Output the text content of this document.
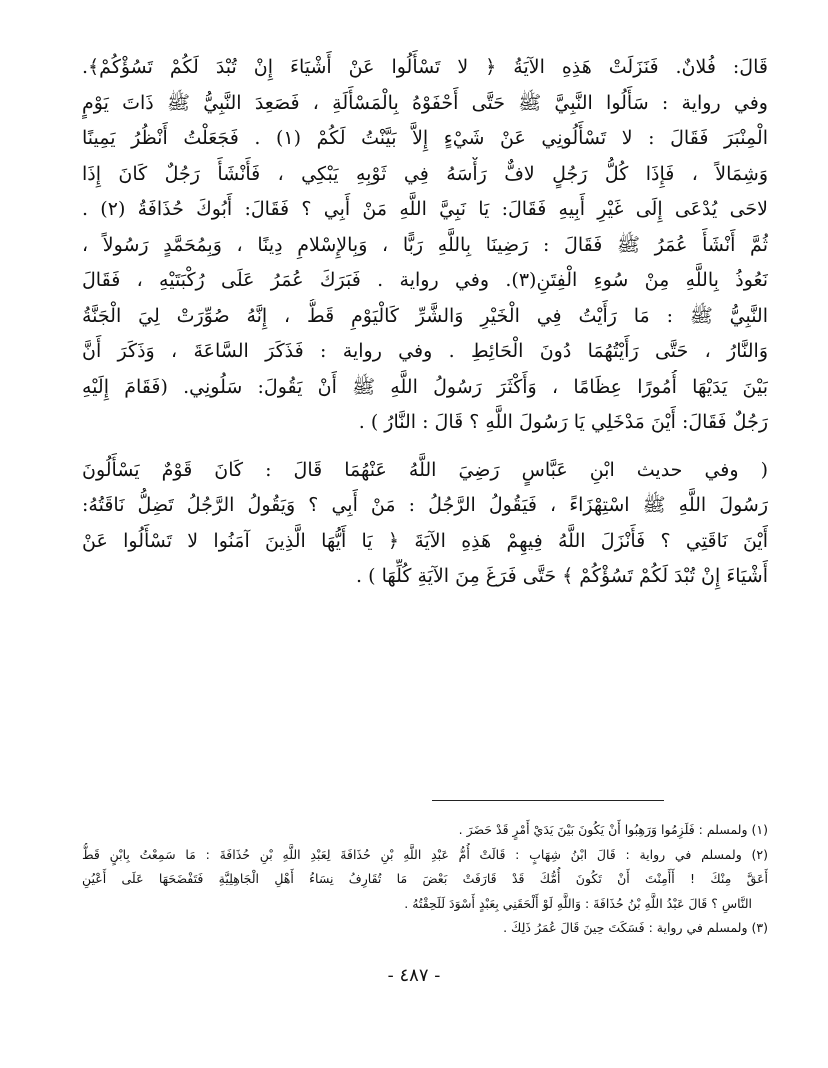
قَالَ: فُلانٌ. فَنَزَلَتْ هَذِهِ الآيَةُ ﴿ لا تَسْأَلُوا عَنْ أَشْيَاءَ إِنْ تُبْدَ لَكُمْ تَسُؤْكُمْ﴾.
وفي رواية : سَأَلُوا النَّبِيَّ ﷺ حَتَّى أَحْفَوْهُ بِالْمَسْأَلَةِ ، فَصَعِدَ النَّبِيُّ ﷺ ذَاتَ يَوْمٍ
الْمِنْبَرَ فَقَالَ : لا تَسْأَلُونِي عَنْ شَيْءٍ إِلاَّ بَيَّنْتُ لَكُمْ (١) . فَجَعَلْتُ أَنْظُرُ يَمِينًا
وَشِمَالاً ، فَإِذَا كُلُّ رَجُلٍ لافٌّ رَأْسَهُ فِي ثَوْبِهِ يَبْكِي ، فَأَنْشَأَ رَجُلٌ كَانَ إِذَا
لاحَى يُدْعَى إِلَى غَيْرِ أَبِيهِ فَقَالَ: يَا نَبِيَّ اللَّهِ مَنْ أَبِي ؟ فَقَالَ: أَبُوكَ حُذَافَةُ (٢) .
ثُمَّ أَنْشَأَ عُمَرُ ﷺ فَقَالَ : رَضِينَا بِاللَّهِ رَبًّا ، وَبِالإِسْلامِ دِينًا ، وَبِمُحَمَّدٍ رَسُولاً ،
نَعُوذُ بِاللَّهِ مِنْ سُوءِ الْفِتَنِ(٣). وفي رواية . فَبَرَكَ عُمَرُ عَلَى رُكْبَتَيْهِ ، فَقَالَ
النَّبِيُّ ﷺ : مَا رَأَيْتُ فِي الْخَيْرِ وَالشَّرِّ كَالْيَوْمِ قَطُّ ، إِنَّهُ صُوِّرَتْ لِيَ الْجَنَّةُ
وَالنَّارُ ، حَتَّى رَأَيْتُهُمَا دُونَ الْحَائِطِ . وفي رواية : فَذَكَرَ السَّاعَةَ ، وَذَكَرَ أَنَّ
بَيْنَ يَدَيْهَا أُمُورًا عِظَامًا ، وَأَكْثَرَ رَسُولُ اللَّهِ ﷺ أَنْ يَقُولَ: سَلُونِي. (فَقَامَ إِلَيْهِ
رَجُلٌ فَقَالَ: أَيْنَ مَدْخَلِي يَا رَسُولَ اللَّهِ ؟ قَالَ : النَّارُ ) .
( وفي حديث ابْنِ عَبَّاسٍ رَضِيَ اللَّهُ عَنْهُمَا قَالَ : كَانَ قَوْمٌ يَسْأَلُونَ
رَسُولَ اللَّهِ ﷺ اسْتِهْزَاءً ، فَيَقُولُ الرَّجُلُ : مَنْ أَبِي ؟ وَيَقُولُ الرَّجُلُ تَضِلُّ نَاقَتُهُ:
أَيْنَ نَاقَتِي ؟ فَأَنْزَلَ اللَّهُ فِيهِمْ هَذِهِ الآيَةَ ﴿ يَا أَيُّهَا الَّذِينَ آمَنُوا لا تَسْأَلُوا عَنْ
أَشْيَاءَ إِنْ تُبْدَ لَكُمْ تَسُؤْكُمْ ﴾ حَتَّى فَرَغَ مِنَ الآيَةِ كُلِّهَا ) .
(١) ولمسلم : فَلَزِمُوا وَرَهِبُوا أَنْ يَكُونَ بَيْنَ يَدَيْ أَمْرٍ قَدْ حَضَرَ .
(٢) ولمسلم في رواية : قَالَ ابْنُ شِهَابٍ : قَالَتْ أُمُّ عَبْدِ اللَّهِ بْنِ حُذَافَةَ لِعَبْدِ اللَّهِ بْنِ حُذَافَةَ : مَا سَمِعْتُ بِابْنٍ قَطُّ
أَعَقَّ مِنْكَ ! أَأَمِنْتَ أَنْ تَكُونَ أُمُّكَ قَدْ قَارَفَتْ بَعْضَ مَا تُقَارِفُ نِسَاءُ أَهْلِ الْجَاهِلِيَّةِ فَتَفْضَحَهَا عَلَى أَعْيُنِ
النَّاسِ ؟ قَالَ عَبْدُ اللَّهِ بْنُ حُذَافَةَ : وَاللَّهِ لَوْ أَلْحَقَنِي بِعَبْدٍ أَسْوَدَ لَلَحِقْتُهُ .
(٣) ولمسلم في رواية : فَسَكَتَ حِينَ قَالَ عُمَرُ ذَلِكَ .
- ٤٨٧ -
